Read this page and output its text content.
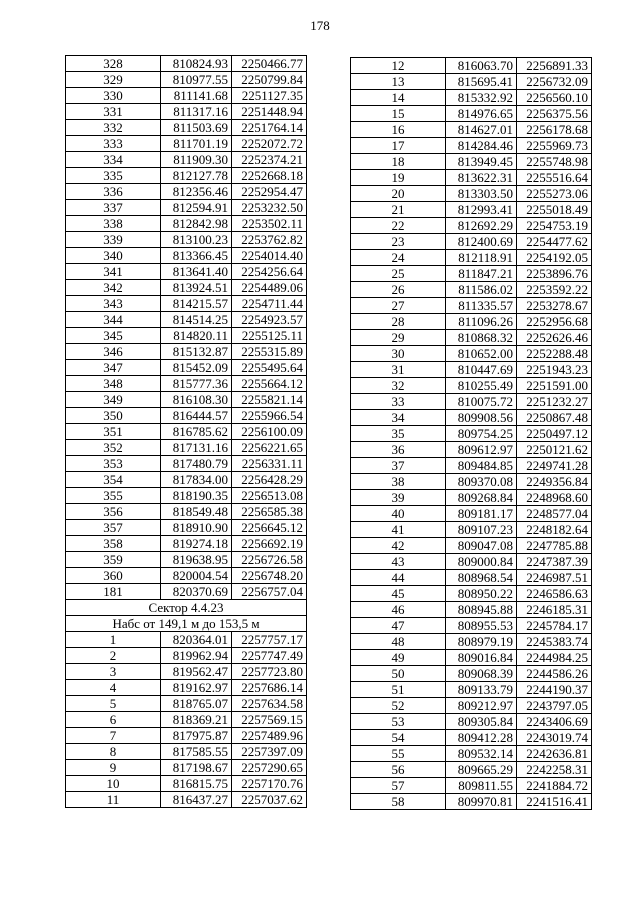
178
328	810824.93	2250466.77
329	810977.55	2250799.84
330	811141.68	2251127.35
331	811317.16	2251448.94
332	811503.69	2251764.14
333	811701.19	2252072.72
334	811909.30	2252374.21
335	812127.78	2252668.18
336	812356.46	2252954.47
337	812594.91	2253232.50
338	812842.98	2253502.11
339	813100.23	2253762.82
340	813366.45	2254014.40
341	813641.40	2254256.64
342	813924.51	2254489.06
343	814215.57	2254711.44
344	814514.25	2254923.57
345	814820.11	2255125.11
346	815132.87	2255315.89
347	815452.09	2255495.64
348	815777.36	2255664.12
349	816108.30	2255821.14
350	816444.57	2255966.54
351	816785.62	2256100.09
352	817131.16	2256221.65
353	817480.79	2256331.11
354	817834.00	2256428.29
355	818190.35	2256513.08
356	818549.48	2256585.38
357	818910.90	2256645.12
358	819274.18	2256692.19
359	819638.95	2256726.58
360	820004.54	2256748.20
181	820370.69	2256757.04
Сектор 4.4.23		
Набс от 149,1 м до 153,5 м		
1	820364.01	2257757.17
2	819962.94	2257747.49
3	819562.47	2257723.80
4	819162.97	2257686.14
5	818765.07	2257634.58
6	818369.21	2257569.15
7	817975.87	2257489.96
8	817585.55	2257397.09
9	817198.67	2257290.65
10	816815.75	2257170.76
11	816437.27	2257037.62
12	816063.70	2256891.33
13	815695.41	2256732.09
14	815332.92	2256560.10
15	814976.65	2256375.56
16	814627.01	2256178.68
17	814284.46	2255969.73
18	813949.45	2255748.98
19	813622.31	2255516.64
20	813303.50	2255273.06
21	812993.41	2255018.49
22	812692.29	2254753.19
23	812400.69	2254477.62
24	812118.91	2254192.05
25	811847.21	2253896.76
26	811586.02	2253592.22
27	811335.57	2253278.67
28	811096.26	2252956.68
29	810868.32	2252626.46
30	810652.00	2252288.48
31	810447.69	2251943.23
32	810255.49	2251591.00
33	810075.72	2251232.27
34	809908.56	2250867.48
35	809754.25	2250497.12
36	809612.97	2250121.62
37	809484.85	2249741.28
38	809370.08	2249356.84
39	809268.84	2248968.60
40	809181.17	2248577.04
41	809107.23	2248182.64
42	809047.08	2247785.88
43	809000.84	2247387.39
44	808968.54	2246987.51
45	808950.22	2246586.63
46	808945.88	2246185.31
47	808955.53	2245784.17
48	808979.19	2245383.74
49	809016.84	2244984.25
50	809068.39	2244586.26
51	809133.79	2244190.37
52	809212.97	2243797.05
53	809305.84	2243406.69
54	809412.28	2243019.74
55	809532.14	2242636.81
56	809665.29	2242258.31
57	809811.55	2241884.72
58	809970.81	2241516.41
